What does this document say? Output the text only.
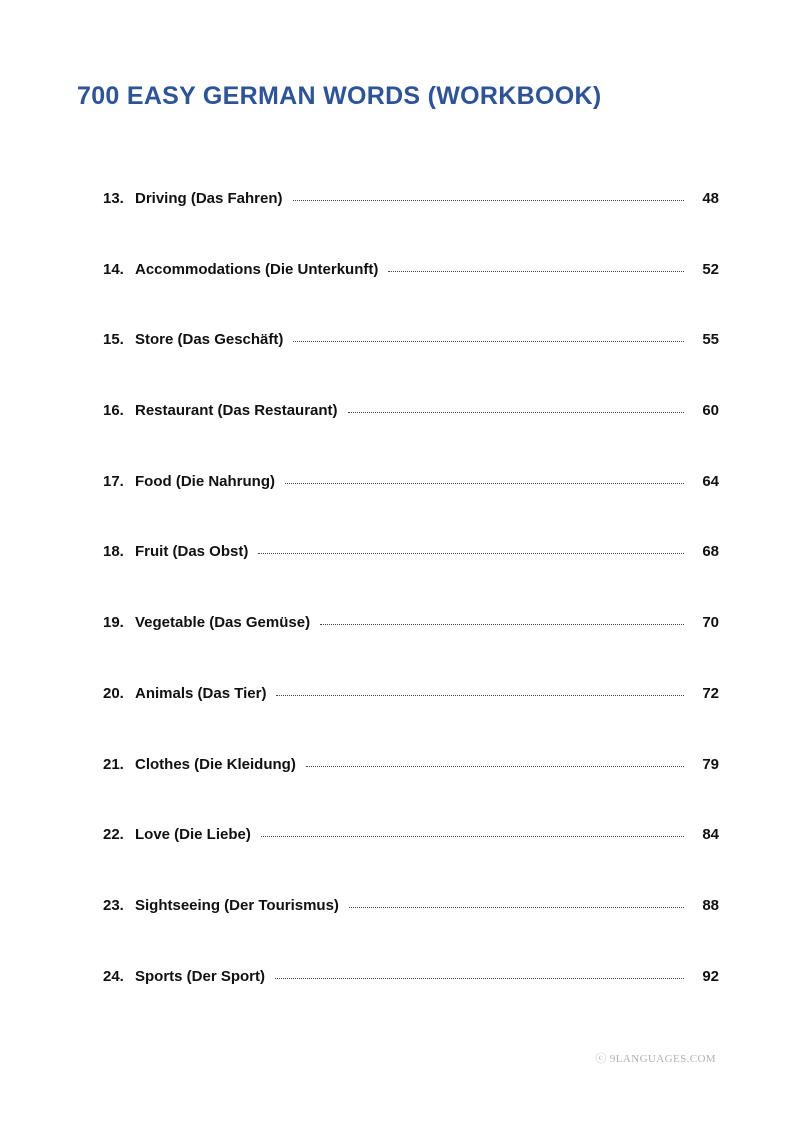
700 EASY GERMAN WORDS (WORKBOOK)
13. Driving (Das Fahren)	48
14. Accommodations (Die Unterkunft)	52
15. Store (Das Geschäft)	55
16. Restaurant (Das Restaurant)	60
17. Food (Die Nahrung)	64
18. Fruit (Das Obst)	68
19. Vegetable (Das Gemüse)	70
20. Animals (Das Tier)	72
21. Clothes (Die Kleidung)	79
22. Love (Die Liebe)	84
23. Sightseeing (Der Tourismus)	88
24. Sports (Der Sport)	92
ⓒ 9LANGUAGES.COM
